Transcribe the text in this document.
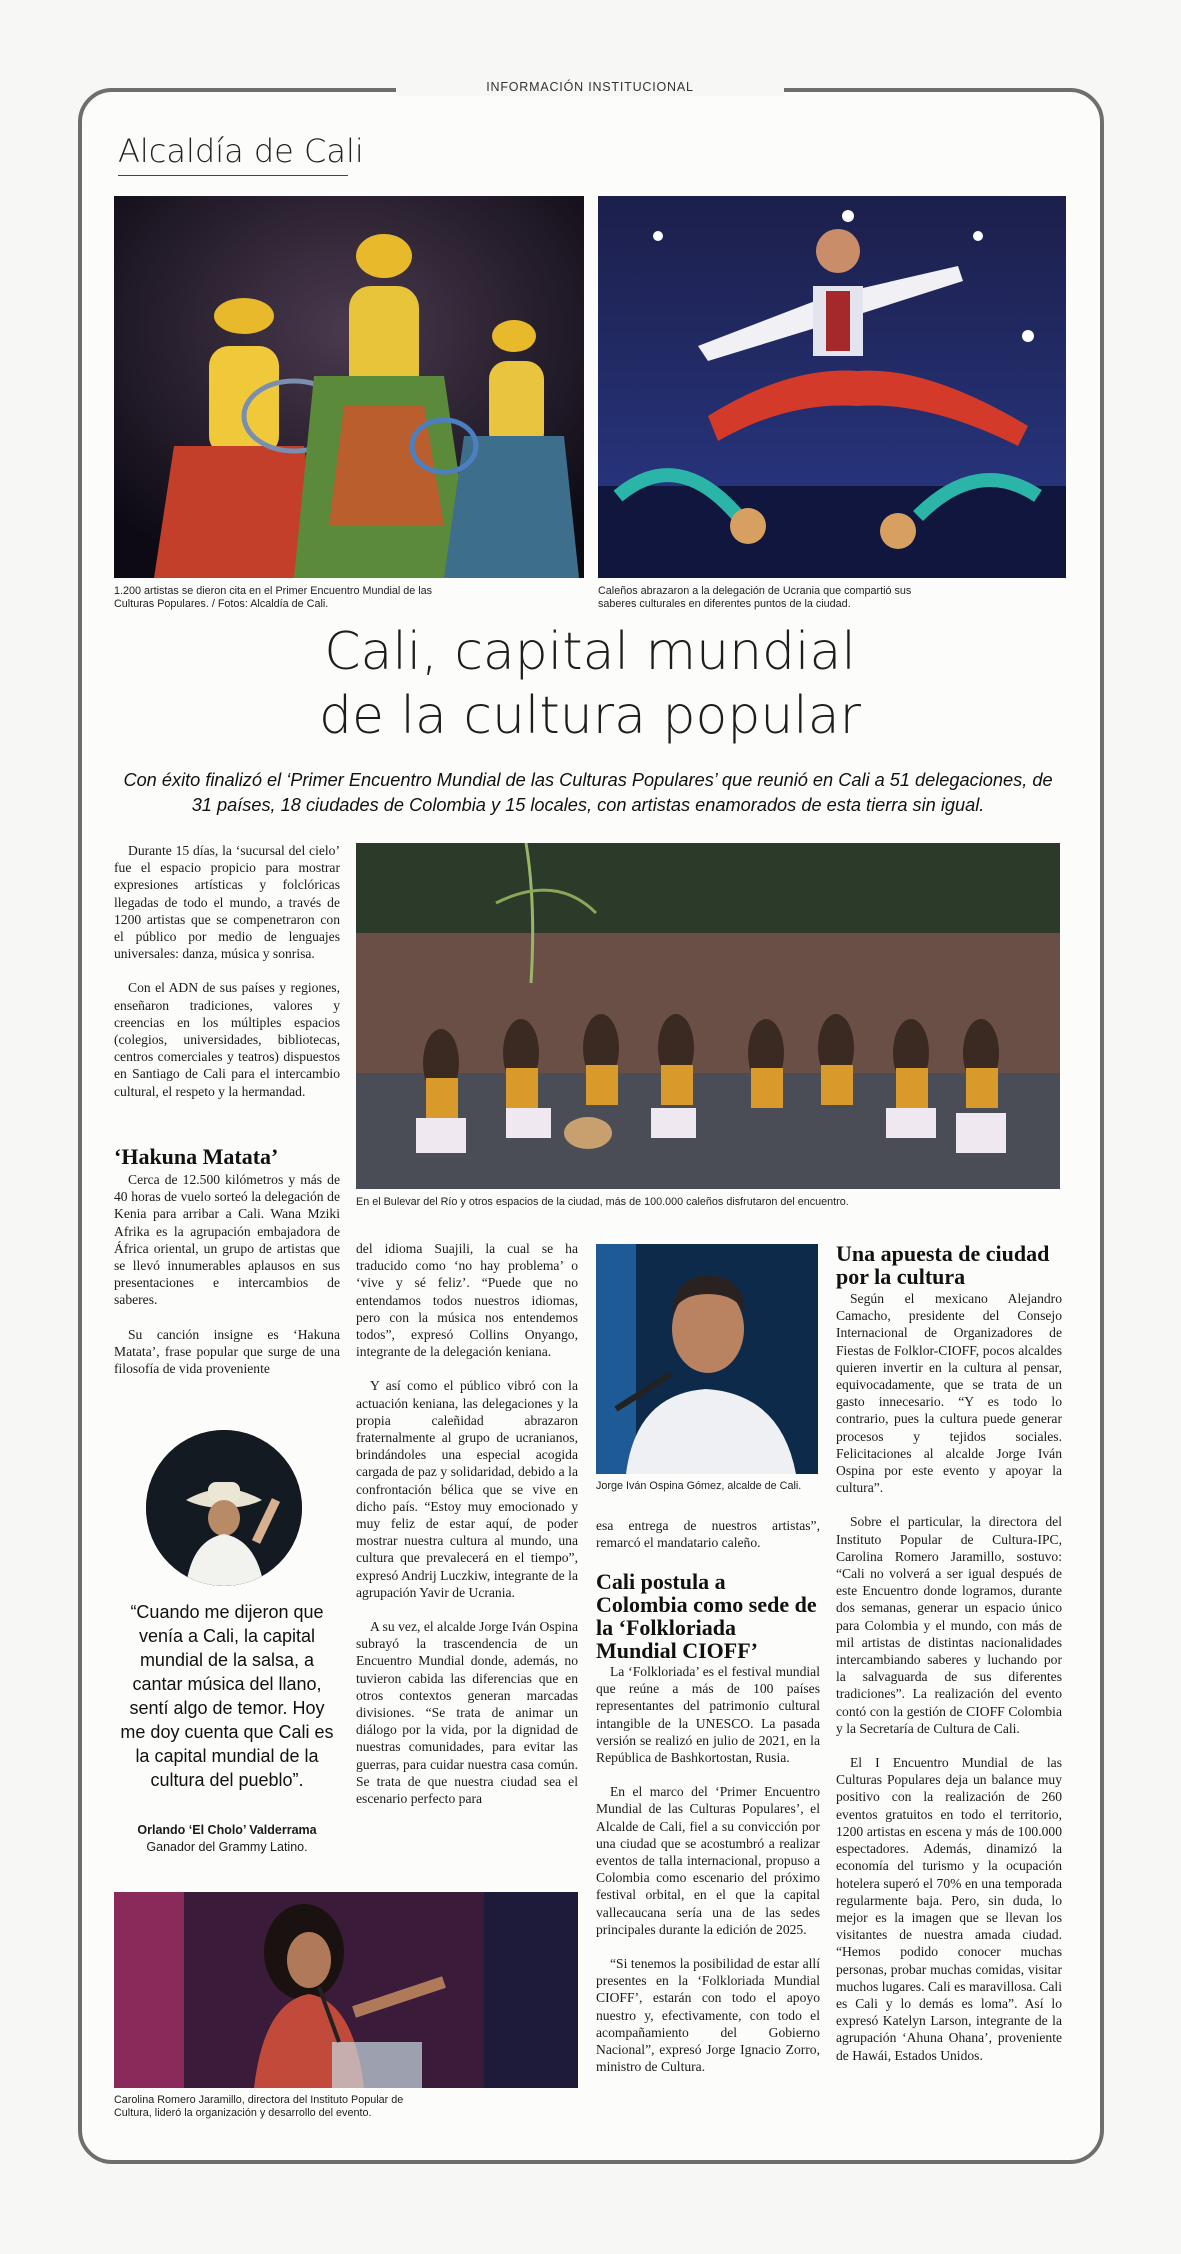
INFORMACIÓN INSTITUCIONAL
Alcaldía de Cali
1.200 artistas se dieron cita en el Primer Encuentro Mundial de las Culturas Populares. / Fotos: Alcaldía de Cali.
Caleños abrazaron a la delegación de Ucrania que compartió sus saberes culturales en diferentes puntos de la ciudad.
Cali, capital mundial
de la cultura popular
Con éxito finalizó el ‘Primer Encuentro Mundial de las Culturas Populares’ que reunió en Cali a 51 delegaciones, de 31 países, 18 ciudades de Colombia y 15 locales, con artistas enamorados de esta tierra sin igual.

Durante 15 días, la ‘sucursal del cielo’ fue el espacio propicio para mostrar expresiones artísticas y folclóricas llegadas de todo el mundo, a través de 1200 artistas que se compenetraron con el público por medio de lenguajes universales: danza, música y sonrisa.

Con el ADN de sus países y regiones, enseñaron tradiciones, valores y creencias en los múltiples espacios (colegios, universidades, bibliotecas, centros comerciales y teatros) dispuestos en Santiago de Cali para el intercambio cultural, el respeto y la hermandad.

‘Hakuna Matata’

Cerca de 12.500 kilómetros y más de 40 horas de vuelo sorteó la delegación de Kenia para arribar a Cali. Wana Mziki Afrika es la agrupación embajadora de África oriental, un grupo de artistas que se llevó innumerables aplausos en sus presentaciones e intercambios de saberes.

Su canción insigne es ‘Hakuna Matata’, frase popular que surge de una filosofía de vida proveniente

En el Bulevar del Río y otros espacios de la ciudad, más de 100.000 caleños disfrutaron del encuentro.

del idioma Suajili, la cual se ha traducido como ‘no hay problema’ o ‘vive y sé feliz’. “Puede que no entendamos todos nuestros idiomas, pero con la música nos entendemos todos”, expresó Collins Onyango, integrante de la delegación keniana.

Y así como el público vibró con la actuación keniana, las delegaciones y la propia caleñidad abrazaron fraternalmente al grupo de ucranianos, brindándoles una especial acogida cargada de paz y solidaridad, debido a la confrontación bélica que se vive en dicho país. “Estoy muy emocionado y muy feliz de estar aquí, de poder mostrar nuestra cultura al mundo, una cultura que prevalecerá en el tiempo”, expresó Andrij Luczkiw, integrante de la agrupación Yavir de Ucrania.

A su vez, el alcalde Jorge Iván Ospina subrayó la trascendencia de un Encuentro Mundial donde, además, no tuvieron cabida las diferencias que en otros contextos generan marcadas divisiones. “Se trata de animar un diálogo por la vida, por la dignidad de nuestras comunidades, para evitar las guerras, para cuidar nuestra casa común. Se trata de que nuestra ciudad sea el escenario perfecto para

Jorge Iván Ospina Gómez, alcalde de Cali.

esa entrega de nuestros artistas”, remarcó el mandatario caleño.

Cali postula a Colombia como sede de la ‘Folkloriada Mundial CIOFF’

La ‘Folkloriada’ es el festival mundial que reúne a más de 100 países representantes del patrimonio cultural intangible de la UNESCO. La pasada versión se realizó en julio de 2021, en la República de Bashkortostan, Rusia.

En el marco del ‘Primer Encuentro Mundial de las Culturas Populares’, el Alcalde de Cali, fiel a su convicción por una ciudad que se acostumbró a realizar eventos de talla internacional, propuso a Colombia como escenario del próximo festival orbital, en el que la capital vallecaucana sería una de las sedes principales durante la edición de 2025.

“Si tenemos la posibilidad de estar allí presentes en la ‘Folkloriada Mundial CIOFF’, estarán con todo el apoyo nuestro y, efectivamente, con todo el acompañamiento del Gobierno Nacional”, expresó Jorge Ignacio Zorro, ministro de Cultura.

Una apuesta de ciudad por la cultura

Según el mexicano Alejandro Camacho, presidente del Consejo Internacional de Organizadores de Fiestas de Folklor-CIOFF, pocos alcaldes quieren invertir en la cultura al pensar, equivocadamente, que se trata de un gasto innecesario. “Y es todo lo contrario, pues la cultura puede generar procesos y tejidos sociales. Felicitaciones al alcalde Jorge Iván Ospina por este evento y apoyar la cultura”.

Sobre el particular, la directora del Instituto Popular de Cultura-IPC, Carolina Romero Jaramillo, sostuvo: “Cali no volverá a ser igual después de este Encuentro donde logramos, durante dos semanas, generar un espacio único para Colombia y el mundo, con más de mil artistas de distintas nacionalidades intercambiando saberes y luchando por la salvaguarda de sus diferentes tradiciones”. La realización del evento contó con la gestión de CIOFF Colombia y la Secretaría de Cultura de Cali.

El I Encuentro Mundial de las Culturas Populares deja un balance muy positivo con la realización de 260 eventos gratuitos en todo el territorio, 1200 artistas en escena y más de 100.000 espectadores. Además, dinamizó la economía del turismo y la ocupación hotelera superó el 70% en una temporada regularmente baja. Pero, sin duda, lo mejor es la imagen que se llevan los visitantes de nuestra amada ciudad. “Hemos podido conocer muchas personas, probar muchas comidas, visitar muchos lugares. Cali es maravillosa. Cali es Cali y lo demás es loma”. Así lo expresó Katelyn Larson, integrante de la agrupación ‘Ahuna Ohana’, proveniente de Hawái, Estados Unidos.

“Cuando me dijeron que venía a Cali, la capital mundial de la salsa, a cantar música del llano, sentí algo de temor. Hoy me doy cuenta que Cali es la capital mundial de la cultura del pueblo”.
Orlando ‘El Cholo’ Valderrama
Ganador del Grammy Latino.
Carolina Romero Jaramillo, directora del Instituto Popular de Cultura, lideró la organización y desarrollo del evento.
